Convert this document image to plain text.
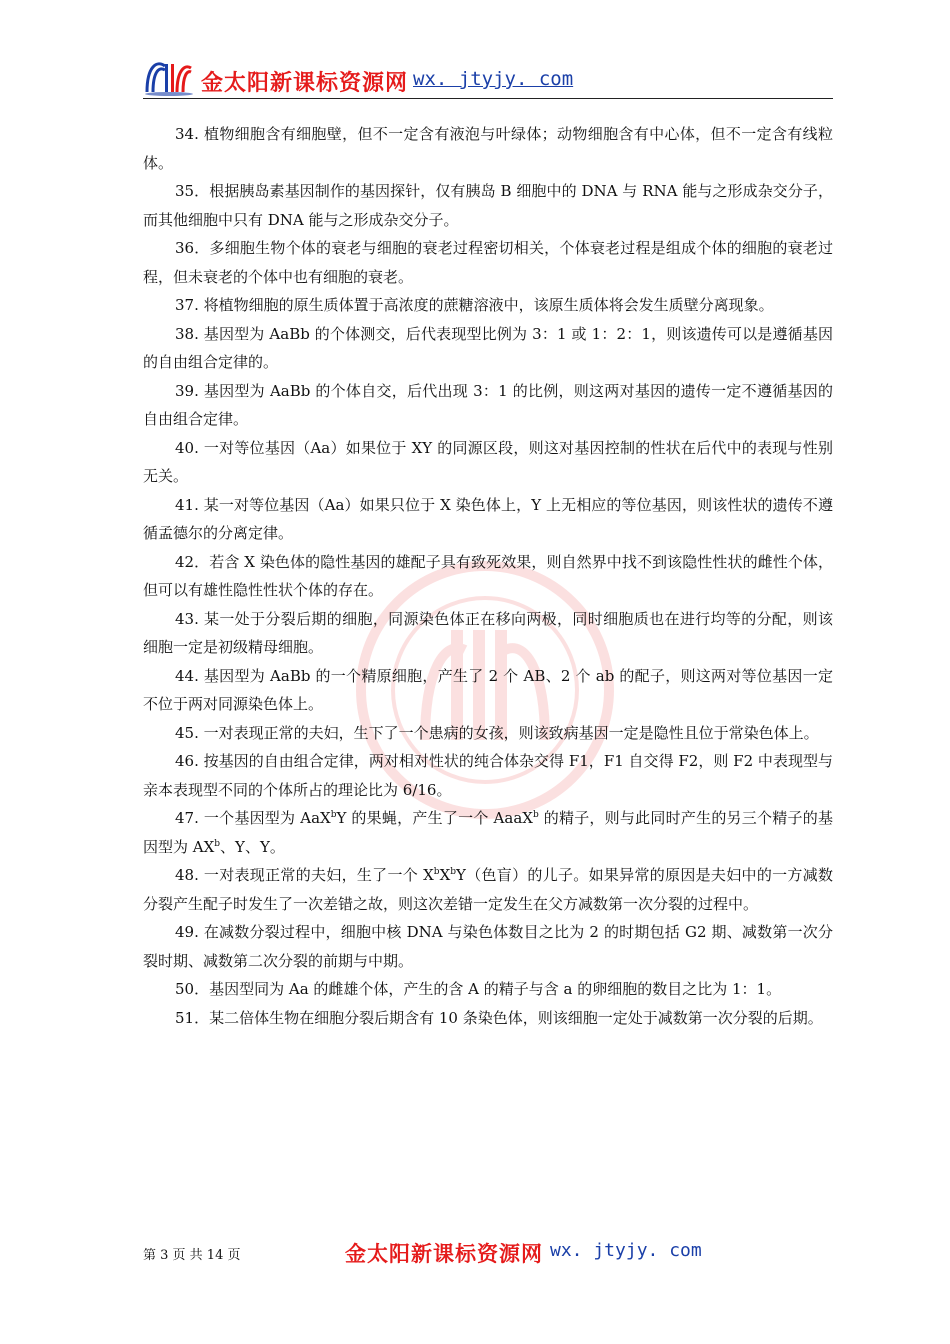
金太阳新课标资源网 wx. jtyjy. com

34. 植物细胞含有细胞壁，但不一定含有液泡与叶绿体；动物细胞含有中心体，但不一定含有线粒体。

35．根据胰岛素基因制作的基因探针，仅有胰岛 B 细胞中的 DNA 与 RNA 能与之形成杂交分子，而其他细胞中只有 DNA 能与之形成杂交分子。

36．多细胞生物个体的衰老与细胞的衰老过程密切相关，个体衰老过程是组成个体的细胞的衰老过程，但未衰老的个体中也有细胞的衰老。

37. 将植物细胞的原生质体置于高浓度的蔗糖溶液中，该原生质体将会发生质壁分离现象。

38. 基因型为 AaBb 的个体测交，后代表现型比例为 3：1 或 1：2：1，则该遗传可以是遵循基因的自由组合定律的。

39. 基因型为 AaBb 的个体自交，后代出现 3：1 的比例，则这两对基因的遗传一定不遵循基因的自由组合定律。

40. 一对等位基因（Aa）如果位于 XY 的同源区段，则这对基因控制的性状在后代中的表现与性别无关。

41. 某一对等位基因（Aa）如果只位于 X 染色体上，Y 上无相应的等位基因，则该性状的遗传不遵循孟德尔的分离定律。

42．若含 X 染色体的隐性基因的雄配子具有致死效果，则自然界中找不到该隐性性状的雌性个体，但可以有雄性隐性性状个体的存在。

43. 某一处于分裂后期的细胞，同源染色体正在移向两极，同时细胞质也在进行均等的分配，则该细胞一定是初级精母细胞。

44. 基因型为 AaBb 的一个精原细胞，产生了 2 个 AB、2 个 ab 的配子，则这两对等位基因一定不位于两对同源染色体上。

45. 一对表现正常的夫妇，生下了一个患病的女孩，则该致病基因一定是隐性且位于常染色体上。

46. 按基因的自由组合定律，两对相对性状的纯合体杂交得 F1，F1 自交得 F2，则 F2 中表现型与亲本表现型不同的个体所占的理论比为 6/16。

47. 一个基因型为 AaX$^b$Y 的果蝇，产生了一个 AaaX$^b$ 的精子，则与此同时产生的另三个精子的基因型为 $AX^b$、Y、Y。

48. 一对表现正常的夫妇，生了一个 $X^bX^bY$（色盲）的儿子。如果异常的原因是夫妇中的一方减数分裂产生配子时发生了一次差错之故，则这次差错一定发生在父方减数第一次分裂的过程中。

49. 在减数分裂过程中，细胞中核 DNA 与染色体数目之比为 2 的时期包括 G2 期、减数第一次分裂时期、减数第二次分裂的前期与中期。

50．基因型同为 Aa 的雌雄个体，产生的含 A 的精子与含 a 的卵细胞的数目之比为 1：1。

51．某二倍体生物在细胞分裂后期含有 10 条染色体，则该细胞一定处于减数第一次分裂的后期。

第 3 页 共 14 页	金太阳新课标资源网 wx. jtyjy. com
